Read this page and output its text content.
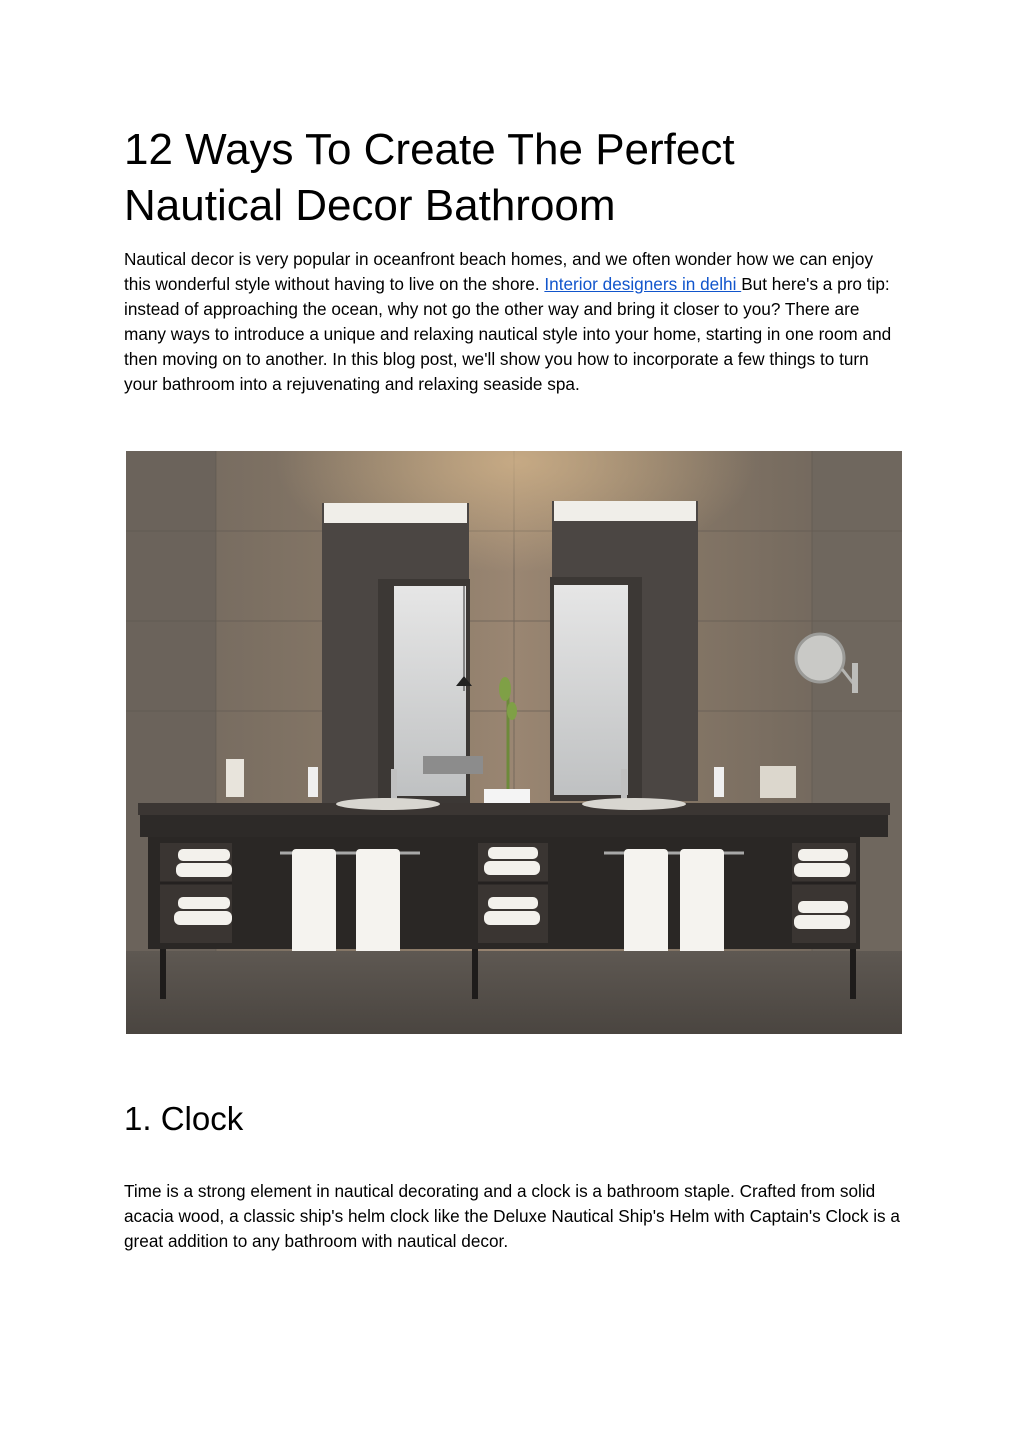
12 Ways To Create The Perfect Nautical Decor Bathroom

Nautical decor is very popular in oceanfront beach homes, and we often wonder how we can enjoy this wonderful style without having to live on the shore. Interior designers in delhi But here's a pro tip: instead of approaching the ocean, why not go the other way and bring it closer to you? There are many ways to introduce a unique and relaxing nautical style into your home, starting in one room and then moving on to another. In this blog post, we'll show you how to incorporate a few things to turn your bathroom into a rejuvenating and relaxing seaside spa.

1. Clock

Time is a strong element in nautical decorating and a clock is a bathroom staple. Crafted from solid acacia wood, a classic ship's helm clock like the Deluxe Nautical Ship's Helm with Captain's Clock is a great addition to any bathroom with nautical decor.
